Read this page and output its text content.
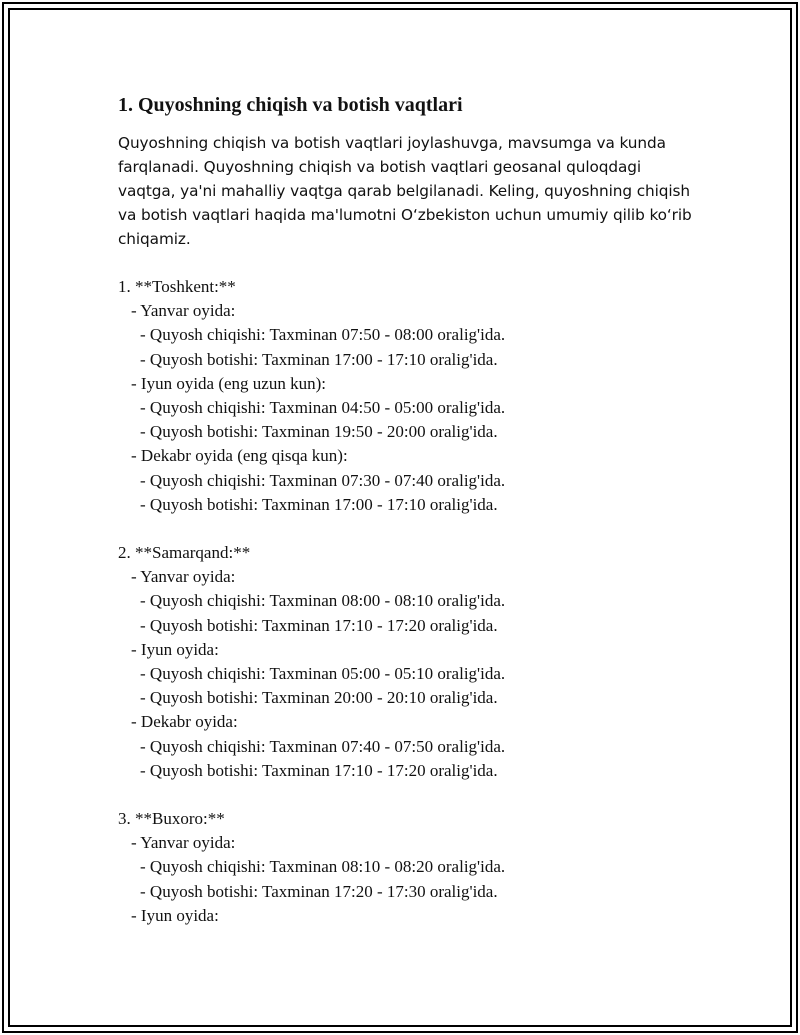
1. Quyoshning chiqish va botish vaqtlari

Quyoshning chiqish va botish vaqtlari joylashuvga, mavsumga va kunda farqlanadi. Quyoshning chiqish va botish vaqtlari geosanal quloqdagi vaqtga, ya'ni mahalliy vaqtga qarab belgilanadi. Keling, quyoshning chiqish va botish vaqtlari haqida ma'lumotni O‘zbekiston uchun umumiy qilib ko‘rib chiqamiz.

1. **Toshkent:**
- Yanvar oyida:
- Quyosh chiqishi: Taxminan 07:50 - 08:00 oralig'ida.
- Quyosh botishi: Taxminan 17:00 - 17:10 oralig'ida.
- Iyun oyida (eng uzun kun):
- Quyosh chiqishi: Taxminan 04:50 - 05:00 oralig'ida.
- Quyosh botishi: Taxminan 19:50 - 20:00 oralig'ida.
- Dekabr oyida (eng qisqa kun):
- Quyosh chiqishi: Taxminan 07:30 - 07:40 oralig'ida.
- Quyosh botishi: Taxminan 17:00 - 17:10 oralig'ida.
2. **Samarqand:**
- Yanvar oyida:
- Quyosh chiqishi: Taxminan 08:00 - 08:10 oralig'ida.
- Quyosh botishi: Taxminan 17:10 - 17:20 oralig'ida.
- Iyun oyida:
- Quyosh chiqishi: Taxminan 05:00 - 05:10 oralig'ida.
- Quyosh botishi: Taxminan 20:00 - 20:10 oralig'ida.
- Dekabr oyida:
- Quyosh chiqishi: Taxminan 07:40 - 07:50 oralig'ida.
- Quyosh botishi: Taxminan 17:10 - 17:20 oralig'ida.
3. **Buxoro:**
- Yanvar oyida:
- Quyosh chiqishi: Taxminan 08:10 - 08:20 oralig'ida.
- Quyosh botishi: Taxminan 17:20 - 17:30 oralig'ida.
- Iyun oyida:
